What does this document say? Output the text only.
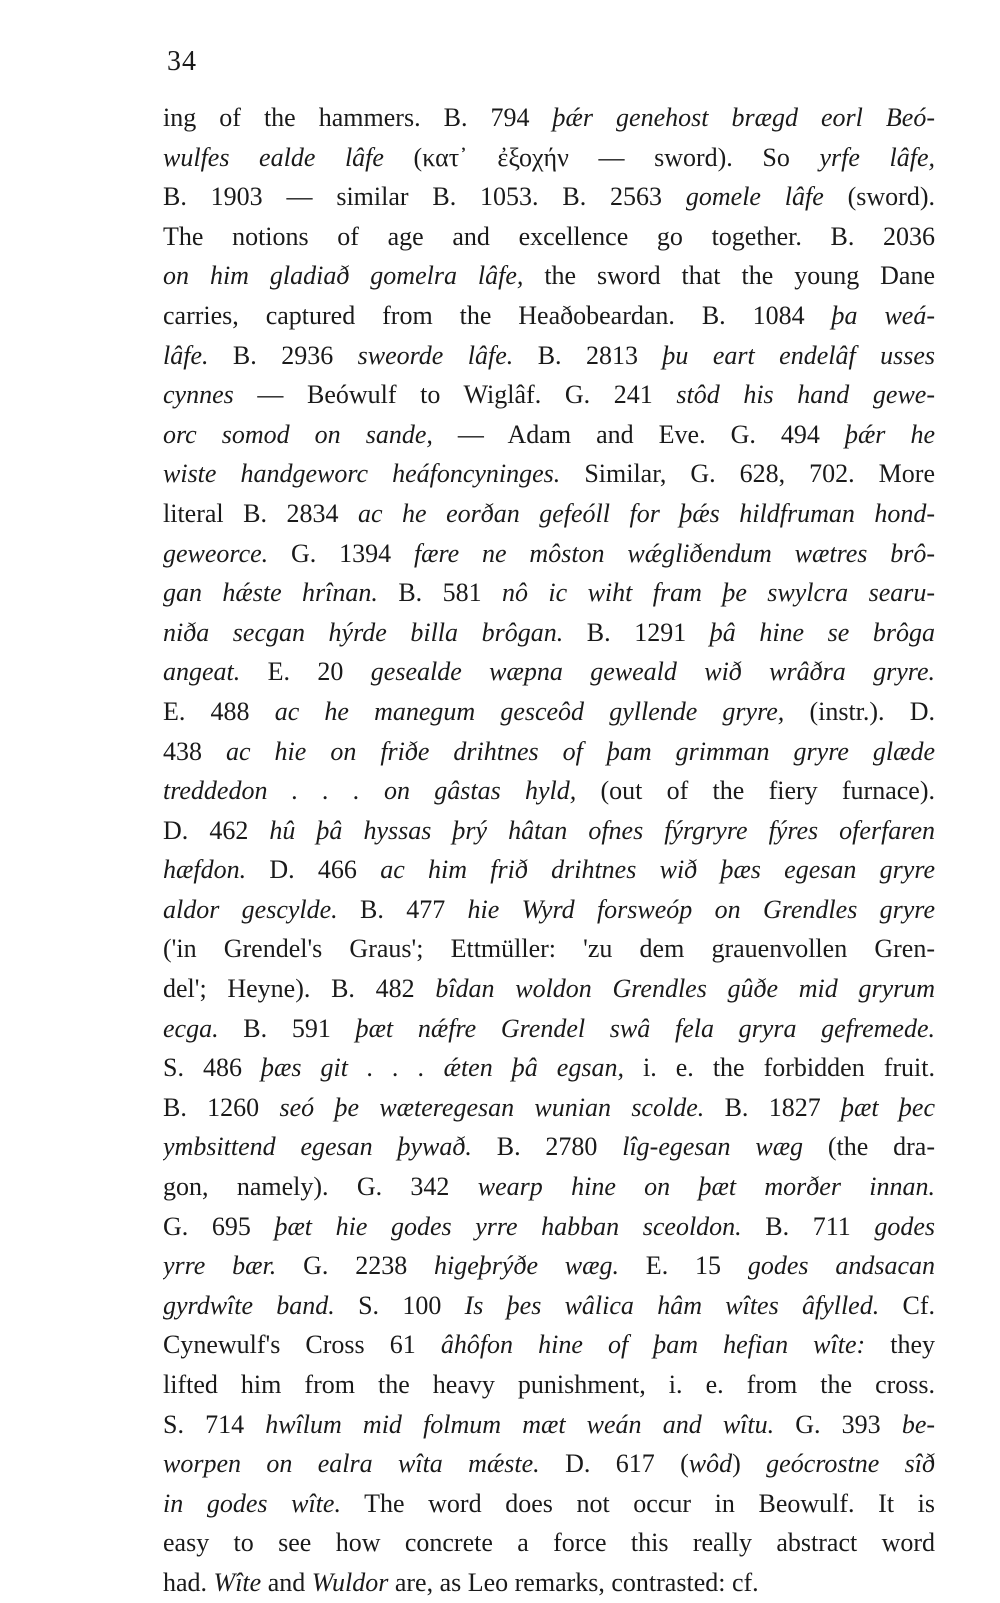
34
ing of the hammers. B. 794 þǽr genehost brægd eorl Beó-
wulfes ealde lâfe (κατ᾽ ἐξοχήν — sword). So yrfe lâfe,
B. 1903 — similar B. 1053. B. 2563 gomele lâfe (sword).
The notions of age and excellence go together. B. 2036
on him gladiað gomelra lâfe, the sword that the young Dane
carries, captured from the Heaðobeardan. B. 1084 þa weá-
lâfe. B. 2936 sweorde lâfe. B. 2813 þu eart endelâf usses
cynnes — Beówulf to Wiglâf. G. 241 stôd his hand gewe-
orc somod on sande, — Adam and Eve. G. 494 þǽr he
wiste handgeworc heáfoncyninges. Similar, G. 628, 702. More
literal B. 2834 ac he eorðan gefeóll for þǽs hildfruman hond-
geweorce. G. 1394 fære ne môston wǽgliðendum wætres brô-
gan hǽste hrînan. B. 581 nô ic wiht fram þe swylcra searu-
niða secgan hýrde billa brôgan. B. 1291 þâ hine se brôga
angeat. E. 20 gesealde wæpna geweald wið wrâðra gryre.
E. 488 ac he manegum gesceôd gyllende gryre, (instr.). D.
438 ac hie on friðe drihtnes of þam grimman gryre glæde
treddedon . . . on gâstas hyld, (out of the fiery furnace).
D. 462 hû þâ hyssas þrý hâtan ofnes fýrgryre fýres oferfaren
hæfdon. D. 466 ac him frið drihtnes wið þæs egesan gryre
aldor gescylde. B. 477 hie Wyrd forsweóp on Grendles gryre
('in Grendel's Graus'; Ettmüller: 'zu dem grauenvollen Gren-
del'; Heyne). B. 482 bîdan woldon Grendles gûðe mid gryrum
ecga. B. 591 þæt nǽfre Grendel swâ fela gryra gefremede.
S. 486 þæs git . . . ǽten þâ egsan, i. e. the forbidden fruit.
B. 1260 seó þe wæteregesan wunian scolde. B. 1827 þæt þec
ymbsittend egesan þywað. B. 2780 lîg-egesan wæg (the dra-
gon, namely). G. 342 wearp hine on þæt morðer innan.
G. 695 þæt hie godes yrre habban sceoldon. B. 711 godes
yrre bær. G. 2238 higeþrýðe wæg. E. 15 godes andsacan
gyrdwîte band. S. 100 Is þes wâlica hâm wîtes âfylled. Cf.
Cynewulf's Cross 61 âhôfon hine of þam hefian wîte: they
lifted him from the heavy punishment, i. e. from the cross.
S. 714 hwîlum mid folmum mæt weán and wîtu. G. 393 be-
worpen on ealra wîta mǽste. D. 617 (wôd) geócrostne sîð
in godes wîte. The word does not occur in Beowulf. It is
easy to see how concrete a force this really abstract word
had. Wîte and Wuldor are, as Leo remarks, contrasted: cf.
